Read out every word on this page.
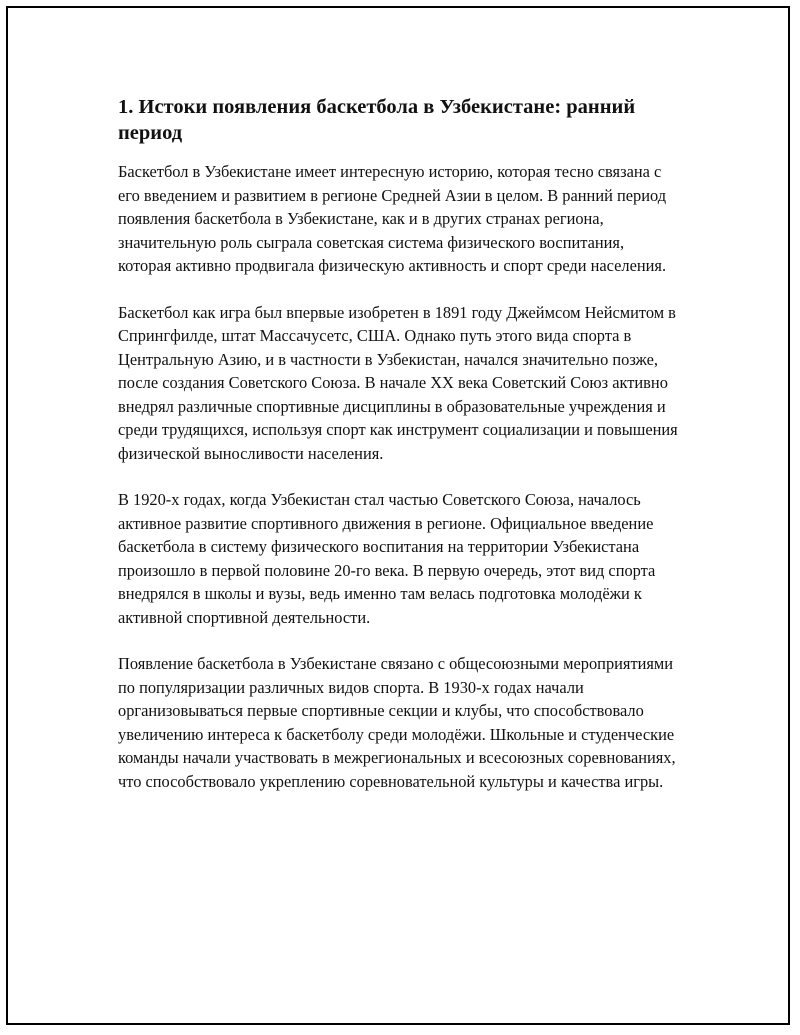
1. Истоки появления баскетбола в Узбекистане: ранний период

Баскетбол в Узбекистане имеет интересную историю, которая тесно связана с его введением и развитием в регионе Средней Азии в целом. В ранний период появления баскетбола в Узбекистане, как и в других странах региона, значительную роль сыграла советская система физического воспитания, которая активно продвигала физическую активность и спорт среди населения.

Баскетбол как игра был впервые изобретен в 1891 году Джеймсом Нейсмитом в Спрингфилде, штат Массачусетс, США. Однако путь этого вида спорта в Центральную Азию, и в частности в Узбекистан, начался значительно позже, после создания Советского Союза. В начале XX века Советский Союз активно внедрял различные спортивные дисциплины в образовательные учреждения и среди трудящихся, используя спорт как инструмент социализации и повышения физической выносливости населения.

В 1920-х годах, когда Узбекистан стал частью Советского Союза, началось активное развитие спортивного движения в регионе. Официальное введение баскетбола в систему физического воспитания на территории Узбекистана произошло в первой половине 20-го века. В первую очередь, этот вид спорта внедрялся в школы и вузы, ведь именно там велась подготовка молодёжи к активной спортивной деятельности.

Появление баскетбола в Узбекистане связано с общесоюзными мероприятиями по популяризации различных видов спорта. В 1930-х годах начали организовываться первые спортивные секции и клубы, что способствовало увеличению интереса к баскетболу среди молодёжи. Школьные и студенческие команды начали участвовать в межрегиональных и всесоюзных соревнованиях, что способствовало укреплению соревновательной культуры и качества игры.
